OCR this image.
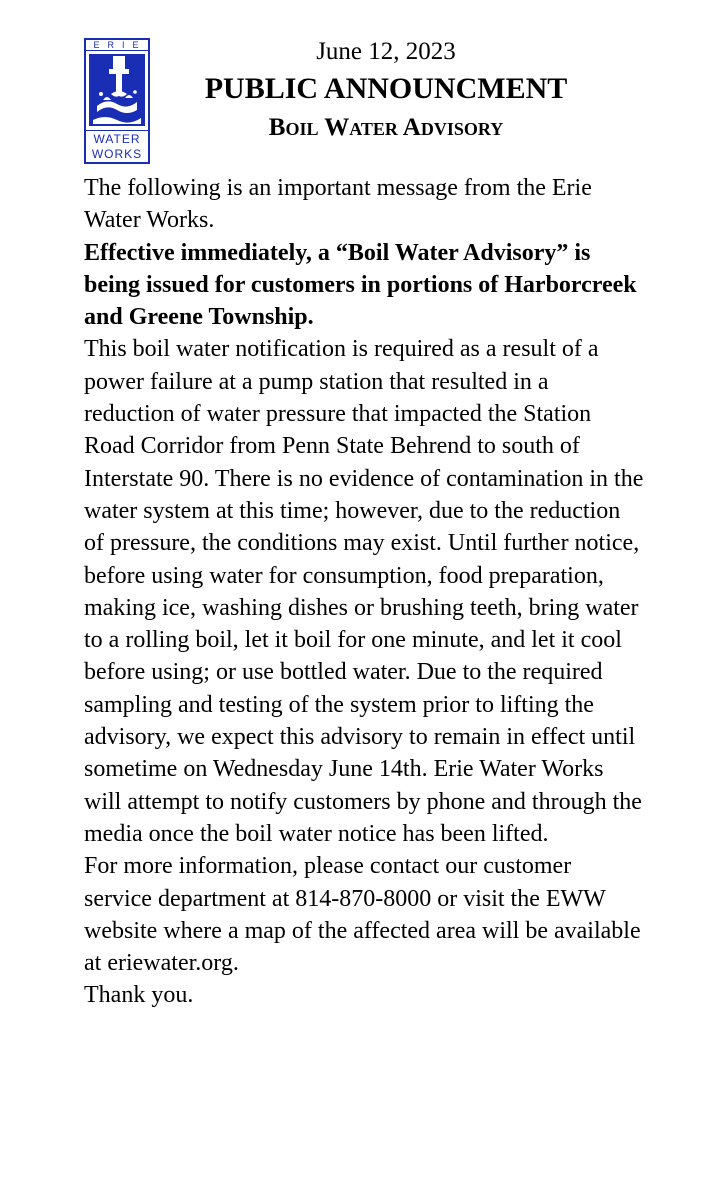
ERIE
WATER
WORKS
June 12, 2023
PUBLIC ANNOUNCMENT
Boil Water Advisory

The following is an important message from the Erie Water Works.

Effective immediately, a “Boil Water Advisory” is being issued for customers in portions of Harborcreek and Greene Township.

This boil water notification is required as a result of a power failure at a pump station that resulted in a reduction of water pressure that impacted the Station Road Corridor from Penn State Behrend to south of Interstate 90. There is no evidence of contamination in the water system at this time; however, due to the reduction of pressure, the conditions may exist. Until further notice, before using water for consumption, food preparation, making ice, washing dishes or brushing teeth, bring water to a rolling boil, let it boil for one minute, and let it cool before using; or use bottled water. Due to the required sampling and testing of the system prior to lifting the advisory, we expect this advisory to remain in effect until sometime on Wednesday June 14th. Erie Water Works will attempt to notify customers by phone and through the media once the boil water notice has been lifted.

For more information, please contact our customer service department at 814-870-8000 or visit the EWW website where a map of the affected area will be available at eriewater.org.

Thank you.
